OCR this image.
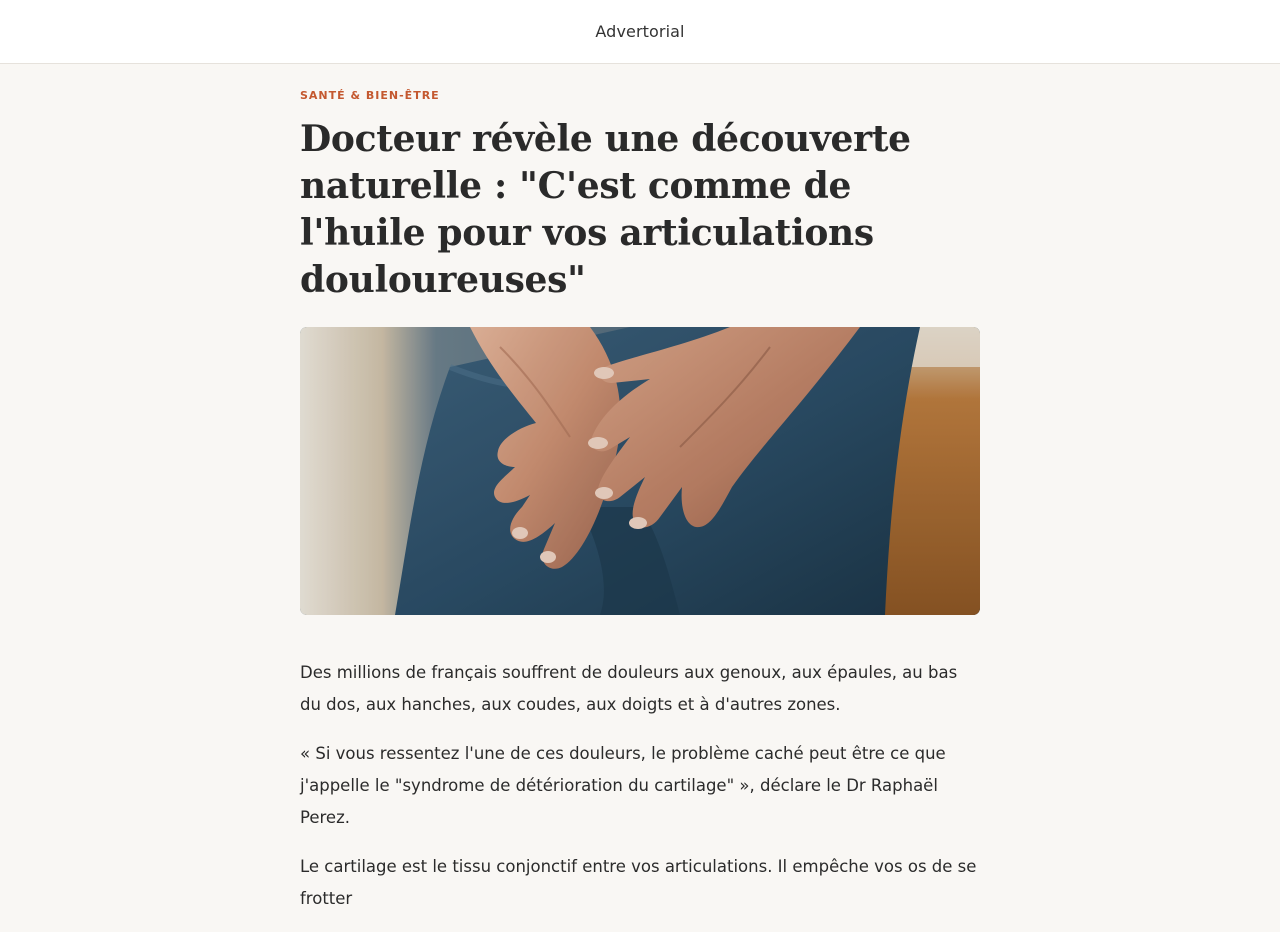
Advertorial
SANTÉ & BIEN-ÊTRE
Docteur révèle une découverte naturelle : "C'est comme de l'huile pour vos articulations douloureuses"

Des millions de français souffrent de douleurs aux genoux, aux épaules, au bas du dos, aux hanches, aux coudes, aux doigts et à d'autres zones.

« Si vous ressentez l'une de ces douleurs, le problème caché peut être ce que j'appelle le "syndrome de détérioration du cartilage" », déclare le Dr Raphaël Perez.

Le cartilage est le tissu conjonctif entre vos articulations. Il empêche vos os de se frotter
